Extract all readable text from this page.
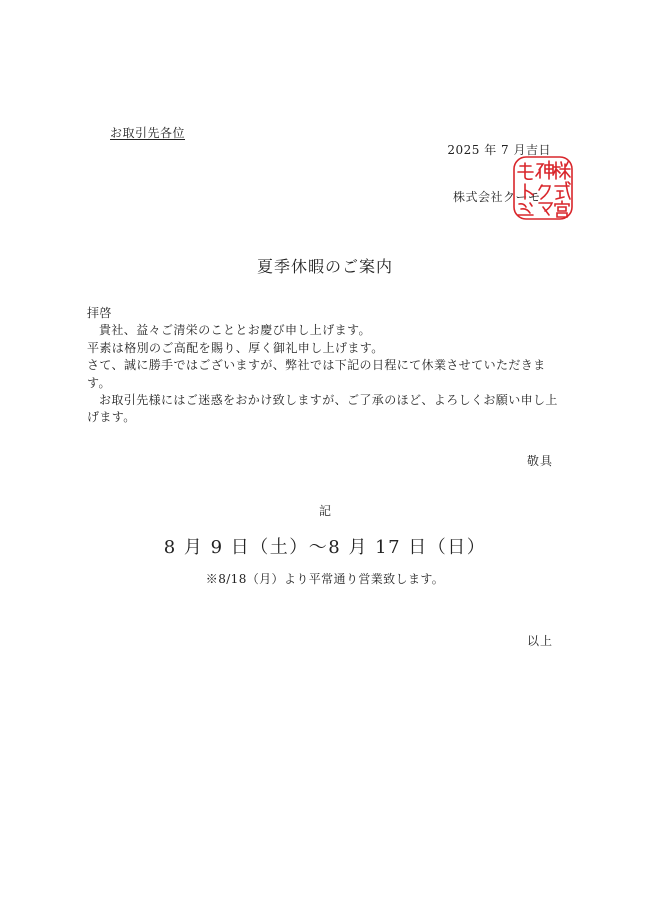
お取引先各位
2025 年 7 月吉日
株式会社クーモ
夏季休暇のご案内

拝啓

貴社、益々ご清栄のこととお慶び申し上げます。

平素は格別のご高配を賜り、厚く御礼申し上げます。

さて、誠に勝手ではございますが、弊社では下記の日程にて休業させていただきます。

お取引先様にはご迷惑をおかけ致しますが、ご了承のほど、よろしくお願い申し上げます。

敬具
記
8 月 9 日（土）～8 月 17 日（日）
※8/18（月）より平常通り営業致します。
以上
